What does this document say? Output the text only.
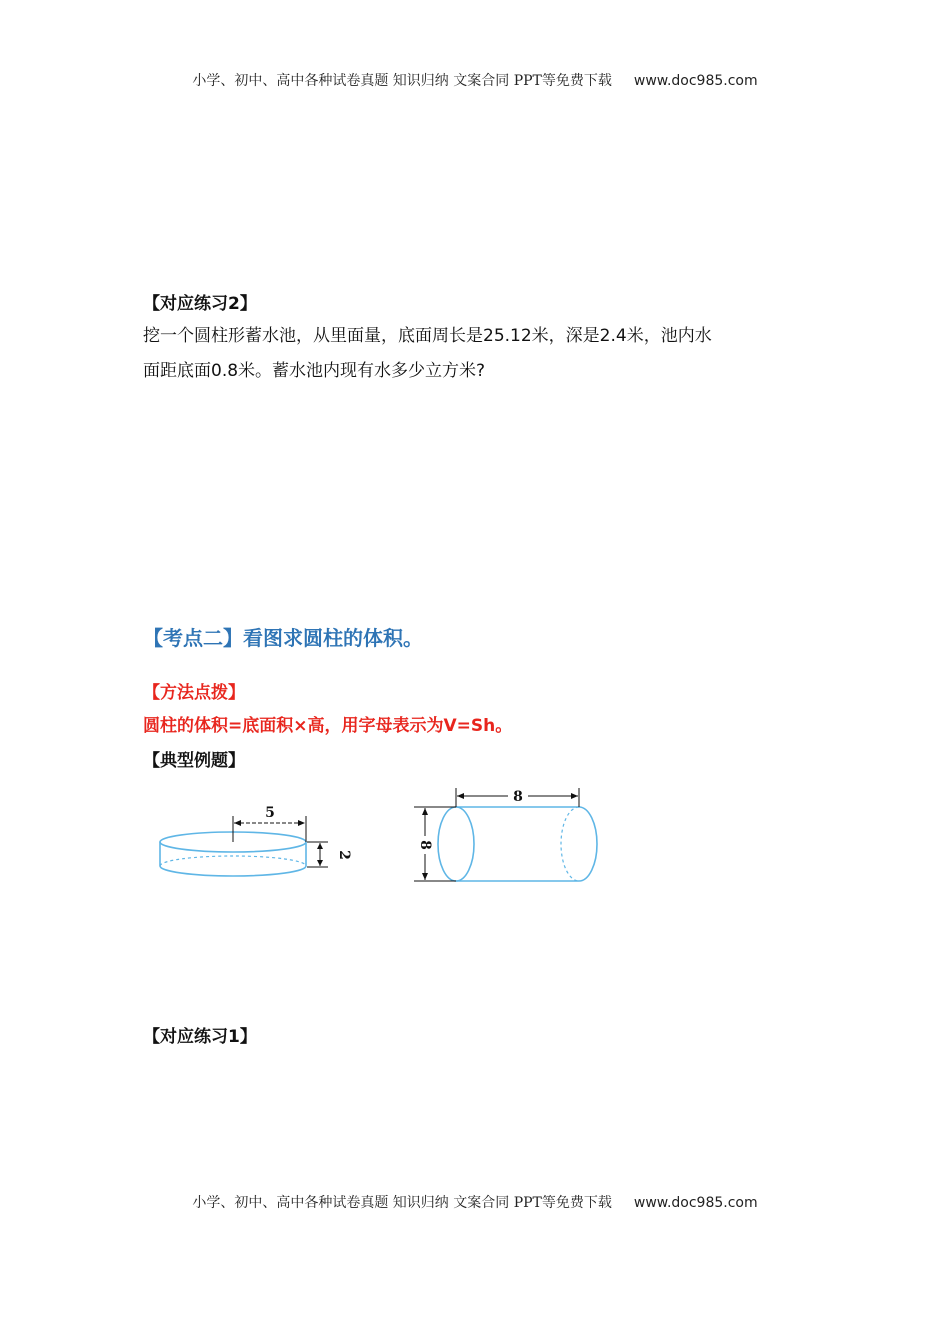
小学、初中、高中各种试卷真题 知识归纳 文案合同 PPT等免费下载 www.doc985.com
【对应练习2】
挖一个圆柱形蓄水池，从里面量，底面周长是25.12米，深是2.4米，池内水
面距底面0.8米。蓄水池内现有水多少立方米?
【考点二】看图求圆柱的体积。
【方法点拨】
圆柱的体积=底面积×高，用字母表示为V=Sh。
【典型例题】
5
2
8
8
【对应练习1】
小学、初中、高中各种试卷真题 知识归纳 文案合同 PPT等免费下载 www.doc985.com
